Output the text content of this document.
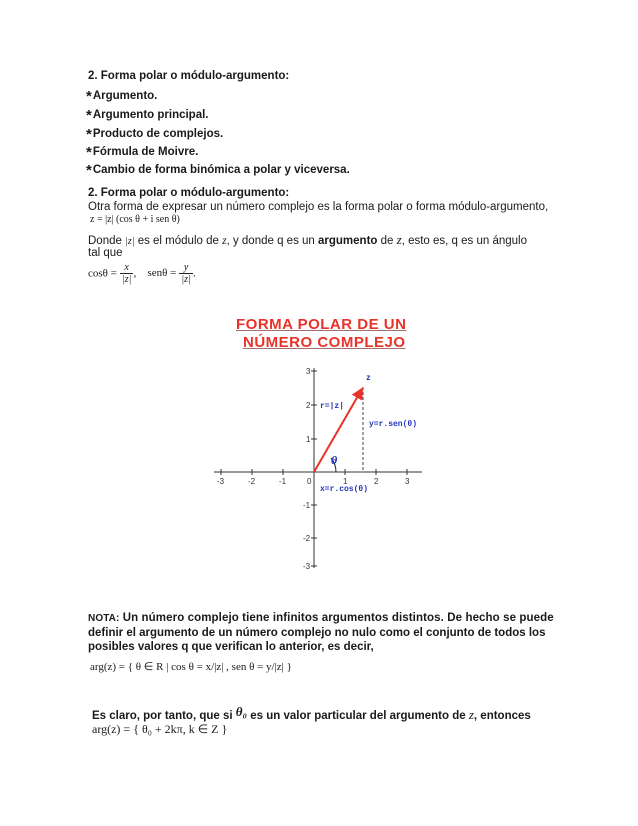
2. Forma polar o módulo-argumento:
*Argumento.
*Argumento principal.
*Producto de complejos.
*Fórmula de Moivre.
*Cambio de forma binómica a polar y viceversa.
2. Forma polar o módulo-argumento:
Otra forma de expresar un número complejo es la forma polar o forma módulo-argumento,
z = |z| (cos θ + i sen θ)
Donde |z| es el módulo de z, y donde q es un argumento de z, esto es, q es un ángulo
tal que
$\cos\theta = \frac{x}{|z|}$ , $sen\theta = \frac{y}{|z|}$ .
FORMA POLAR DE UN
NÚMERO COMPLEJO
-3	-2	-1	0	1	2	3
3
2
1
-1
-2
-3
z
r=|z|
y=r.sen(θ)
x=r.cos(θ)
θ
NOTA: Un número complejo tiene infinitos argumentos distintos. De hecho se puede
definir el argumento de un número complejo no nulo como el conjunto de todos los
posibles valores q que verifican lo anterior, es decir,
arg(z) = { θ ∈ R | cos θ = x/|z| , sen θ = y/|z| }
Es claro, por tanto, que si θ₀ es un valor particular del argumento de z, entonces
arg(z) = { θ₀ + 2kπ, k ∈ Z }
